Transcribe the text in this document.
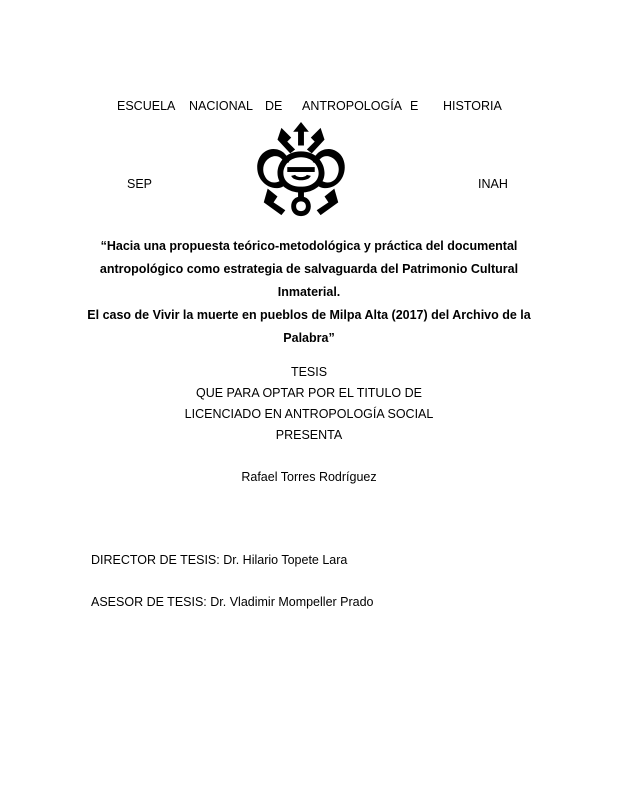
ESCUELA NACIONAL DE ANTROPOLOGÍA E HISTORIA
SEP	INAH
“Hacia una propuesta teórico-metodológica y práctica del documental
antropológico como estrategia de salvaguarda del Patrimonio Cultural
Inmaterial.
El caso de Vivir la muerte en pueblos de Milpa Alta (2017) del Archivo de la
Palabra”
TESIS
QUE PARA OPTAR POR EL TITULO DE
LICENCIADO EN ANTROPOLOGÍA SOCIAL
PRESENTA
Rafael Torres Rodríguez
DIRECTOR DE TESIS: Dr. Hilario Topete Lara
ASESOR DE TESIS: Dr. Vladimir Mompeller Prado
